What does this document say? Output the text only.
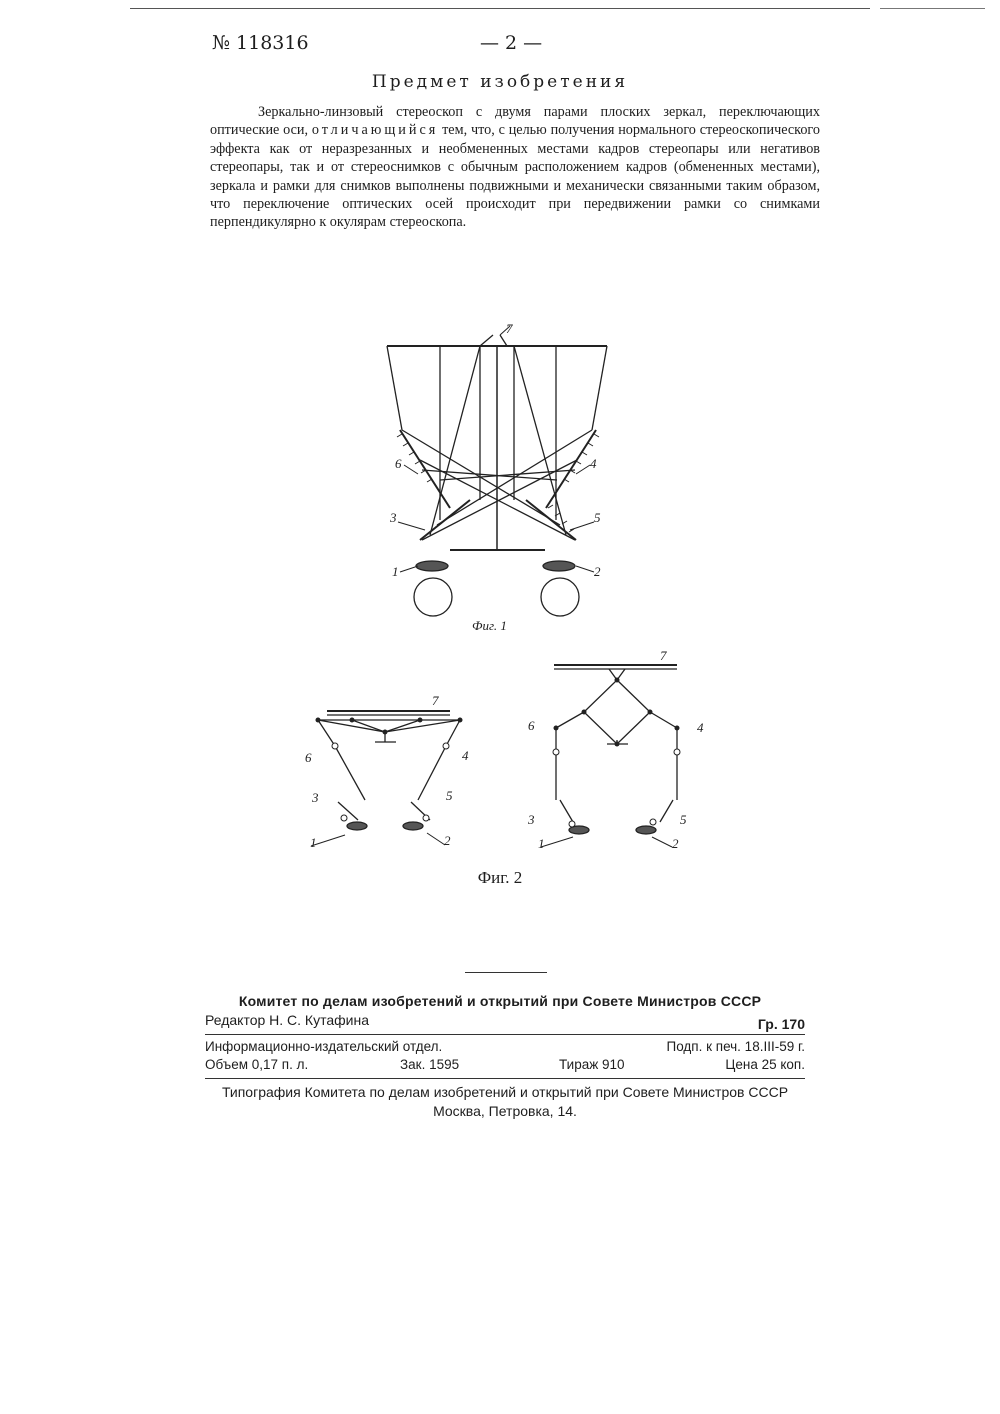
№ 118316	— 2 —
Предмет изобретения

Зеркально-линзовый стереоскоп с двумя парами плоских зеркал, переключающих оптические оси, отличающийся тем, что, с целью получения нормального стереоскопического эффекта как от неразрезанных и необмененных местами кадров стереопары или негативов стереопары, так и от стереоснимков с обычным расположением кадров (обмененных местами), зеркала и рамки для снимков выполнены подвижными и механически связанными таким образом, что переключение оптических осей происходит при передвижении рамки со снимками перпендикулярно к окулярам стереоскопа.

7
6	4
3	5
1	2
Фиг. 1
7
6	4
3	5
1	2
7
6	4
3	5
1	2
Фиг. 2
Комитет по делам изобретений и открытий при Совете Министров СССР
Редактор Н. С. Кутафина	Гр. 170
Информационно-издательский отдел.	Подп. к печ. 18.III-59 г.
Объем 0,17 п. л.	Зак. 1595	Тираж 910	Цена 25 коп.
Типография Комитета по делам изобретений и открытий при Совете Министров СССР
Москва, Петровка, 14.
